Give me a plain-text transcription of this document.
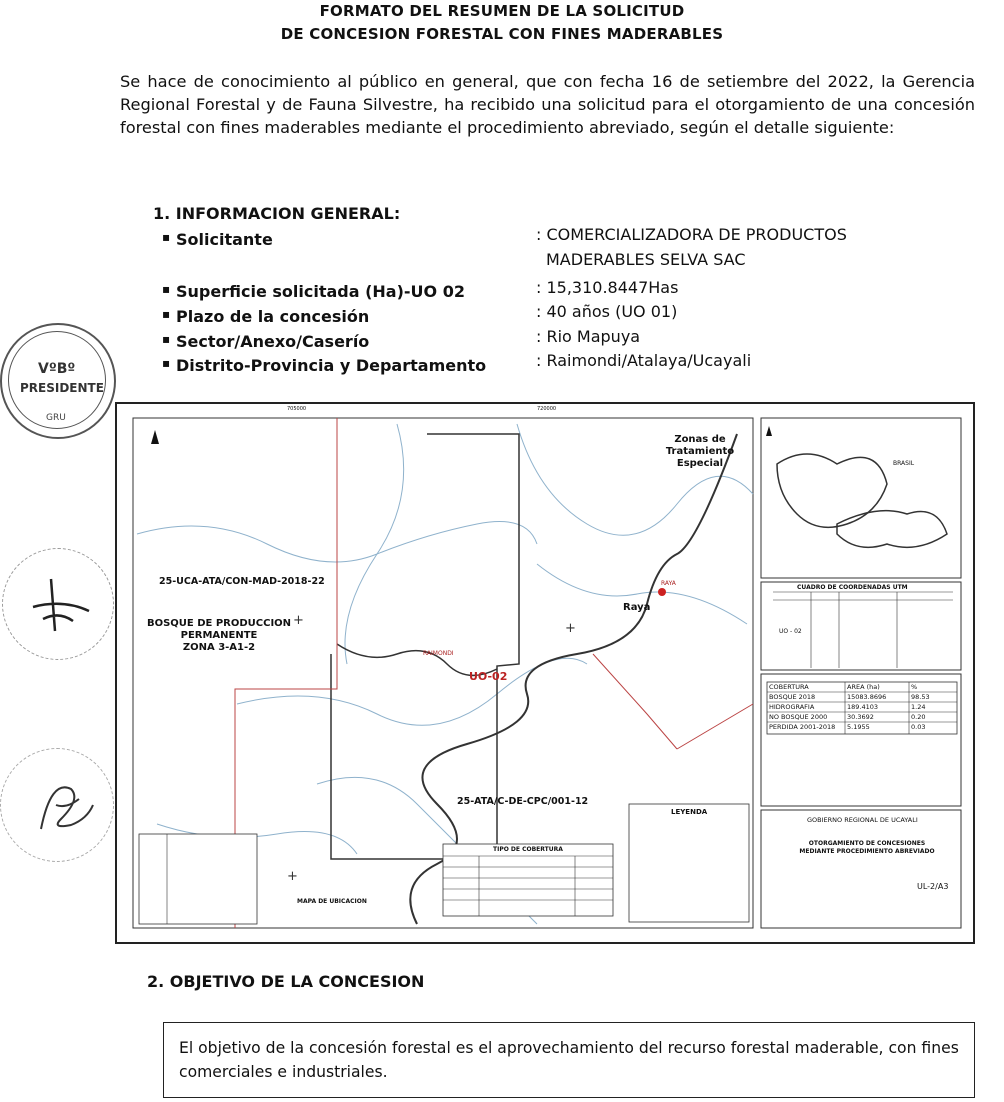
FORMATO DEL RESUMEN DE LA SOLICITUD
DE CONCESION FORESTAL CON FINES MADERABLES
Se hace de conocimiento al público en general, que con fecha 16 de setiembre del 2022, la Gerencia Regional Forestal y de Fauna Silvestre, ha recibido una solicitud para el otorgamiento de una concesión forestal con fines maderables mediante el procedimiento abreviado, según el detalle siguiente:
1. INFORMACION GENERAL:
▪ Solicitante	: COMERCIALIZADORA DE PRODUCTOS
MADERABLES SELVA SAC
▪ Superficie solicitada (Ha)-UO 02	: 15,310.8447Has
▪ Plazo de la concesión	: 40 años (UO 01)
▪ Sector/Anexo/Caserío	: Rio Mapuya
▪ Distrito-Provincia y Departamento	: Raimondi/Atalaya/Ucayali
VºBº
PRESIDENTE
GRU
+
+
+
Zonas de
Tratamiento
Especial
25-UCA-ATA/CON-MAD-2018-22
BOSQUE DE PRODUCCION
PERMANENTE
ZONA 3-A1-2
UO-02
Raya
RAYA
RAIMONDI
25-ATA/C-DE-CPC/001-12
LEYENDA
TIPO DE COBERTURA
MAPA DE UBICACION
BRASIL
CUADRO DE COORDENADAS UTM
UO - 02
COBERTURA	AREA (ha)	%
BOSQUE 2018	15083.8696	98.53
HIDROGRAFIA	189.4103	1.24
NO BOSQUE 2000	30.3692	0.20
PERDIDA 2001-2018	5.1955	0.03
GOBIERNO REGIONAL DE UCAYALI
OTORGAMIENTO DE CONCESIONES
MEDIANTE PROCEDIMIENTO ABREVIADO
UL-2/A3
705000	720000
2. OBJETIVO DE LA CONCESION
El objetivo de la concesión forestal es el aprovechamiento del recurso forestal maderable, con fines comerciales e industriales.
